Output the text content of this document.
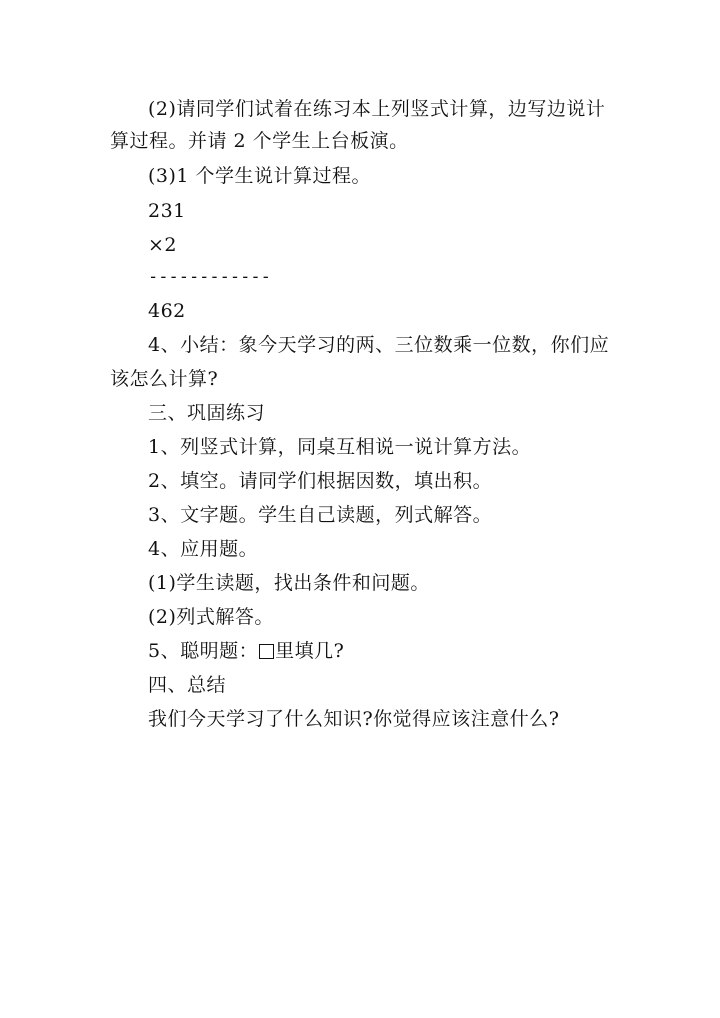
(2)请同学们试着在练习本上列竖式计算，边写边说计
算过程。并请 2 个学生上台板演。
(3)1 个学生说计算过程。
231
×2
------------
462
4、小结：象今天学习的两、三位数乘一位数，你们应
该怎么计算?
三、巩固练习
1、列竖式计算，同桌互相说一说计算方法。
2、填空。请同学们根据因数，填出积。
3、文字题。学生自己读题，列式解答。
4、应用题。
(1)学生读题，找出条件和问题。
(2)列式解答。
5、聪明题： 里填几?
四、总结
我们今天学习了什么知识?你觉得应该注意什么?
